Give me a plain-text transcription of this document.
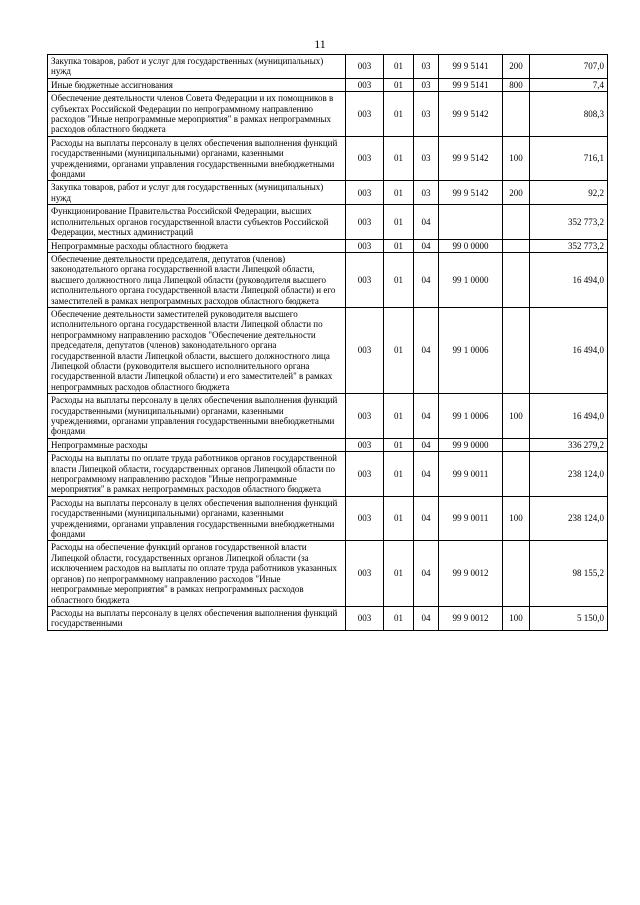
11
Закупка товаров, работ и услуг для государственных (муниципальных) нужд	003	01	03	99 9 5141	200	707,0
Иные бюджетные ассигнования	003	01	03	99 9 5141	800	7,4
Обеспечение деятельности членов Совета Федерации и их помощников в субъектах Российской Федерации по непрограммному направлению расходов "Иные непрограммные мероприятия" в рамках непрограммных расходов областного бюджета	003	01	03	99 9 5142		808,3
Расходы на выплаты персоналу в целях обеспечения выполнения функций государственными (муниципальными) органами, казенными учреждениями, органами управления государственными внебюджетными фондами	003	01	03	99 9 5142	100	716,1
Закупка товаров, работ и услуг для государственных (муниципальных) нужд	003	01	03	99 9 5142	200	92,2
Функционирование Правительства Российской Федерации, высших исполнительных органов государственной власти субъектов Российской Федерации, местных администраций	003	01	04			352 773,2
Непрограммные расходы областного бюджета	003	01	04	99 0 0000		352 773,2
Обеспечение деятельности председателя, депутатов (членов) законодательного органа государственной власти Липецкой области, высшего должностного лица Липецкой области (руководителя высшего исполнительного органа государственной власти Липецкой области) и его заместителей в рамках непрограммных расходов областного бюджета	003	01	04	99 1 0000		16 494,0
Обеспечение деятельности заместителей руководителя высшего исполнительного органа государственной власти Липецкой области по непрограммному направлению расходов "Обеспечение деятельности председателя, депутатов (членов) законодательного органа государственной власти Липецкой области, высшего должностного лица Липецкой области (руководителя высшего исполнительного органа государственной власти Липецкой области) и его заместителей" в рамках непрограммных расходов областного бюджета	003	01	04	99 1 0006		16 494,0
Расходы на выплаты персоналу в целях обеспечения выполнения функций государственными (муниципальными) органами, казенными учреждениями, органами управления государственными внебюджетными фондами	003	01	04	99 1 0006	100	16 494,0
Непрограммные расходы	003	01	04	99 9 0000		336 279,2
Расходы на выплаты по оплате труда работников органов государственной власти Липецкой области, государственных органов Липецкой области по непрограммному направлению расходов "Иные непрограммные мероприятия" в рамках непрограммных расходов областного бюджета	003	01	04	99 9 0011		238 124,0
Расходы на выплаты персоналу в целях обеспечения выполнения функций государственными (муниципальными) органами, казенными учреждениями, органами управления государственными внебюджетными фондами	003	01	04	99 9 0011	100	238 124,0
Расходы на обеспечение функций органов государственной власти Липецкой области, государственных органов Липецкой области (за исключением расходов на выплаты по оплате труда работников указанных органов) по непрограммному направлению расходов "Иные непрограммные мероприятия" в рамках непрограммных расходов областного бюджета	003	01	04	99 9 0012		98 155,2
Расходы на выплаты персоналу в целях обеспечения выполнения функций государственными	003	01	04	99 9 0012	100	5 150,0
